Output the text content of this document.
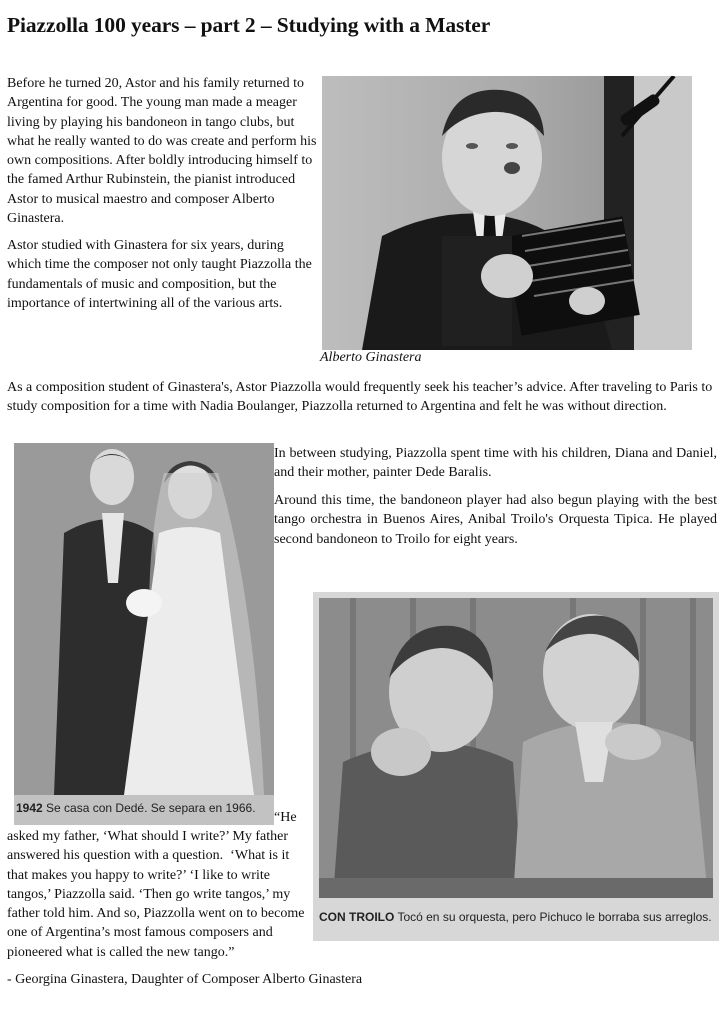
Piazzolla 100 years – part 2 – Studying with a Master

Before he turned 20, Astor and his family returned to Argentina for good. The young man made a meager living by playing his bandoneon in tango clubs, but what he really wanted to do was create and perform his own compositions. After boldly introducing himself to the famed Arthur Rubinstein, the pianist introduced Astor to musical maestro and composer Alberto Ginastera.

Astor studied with Ginastera for six years, during which time the composer not only taught Piazzolla the fundamentals of music and composition, but the importance of intertwining all of the various arts.

Alberto Ginastera

As a composition student of Ginastera's, Astor Piazzolla would frequently seek his teacher’s advice. After traveling to Paris to study composition for a time with Nadia Boulanger, Piazzolla returned to Argentina and felt he was without direction.

1942 Se casa con Dedé. Se separa en 1966.

In between studying, Piazzolla spent time with his children, Diana and Daniel, and their mother, painter Dede Baralis.

Around this time, the bandoneon player had also begun playing with the best tango orchestra in Buenos Aires, Anibal Troilo's Orquesta Tipica. He played second bandoneon to Troilo for eight years.

CON TROILO Tocó en su orquesta, pero Pichuco le borraba sus arreglos.
“He

asked my father, ‘What should I write?’ My father answered his question with a question.  ‘What is it that makes you happy to write?’ ‘I like to write tangos,’ Piazzolla said. ‘Then go write tangos,’ my father told him. And so, Piazzolla went on to become one of Argentina’s most famous composers and pioneered what is called the new tango.”

- Georgina Ginastera, Daughter of Composer Alberto Ginastera
